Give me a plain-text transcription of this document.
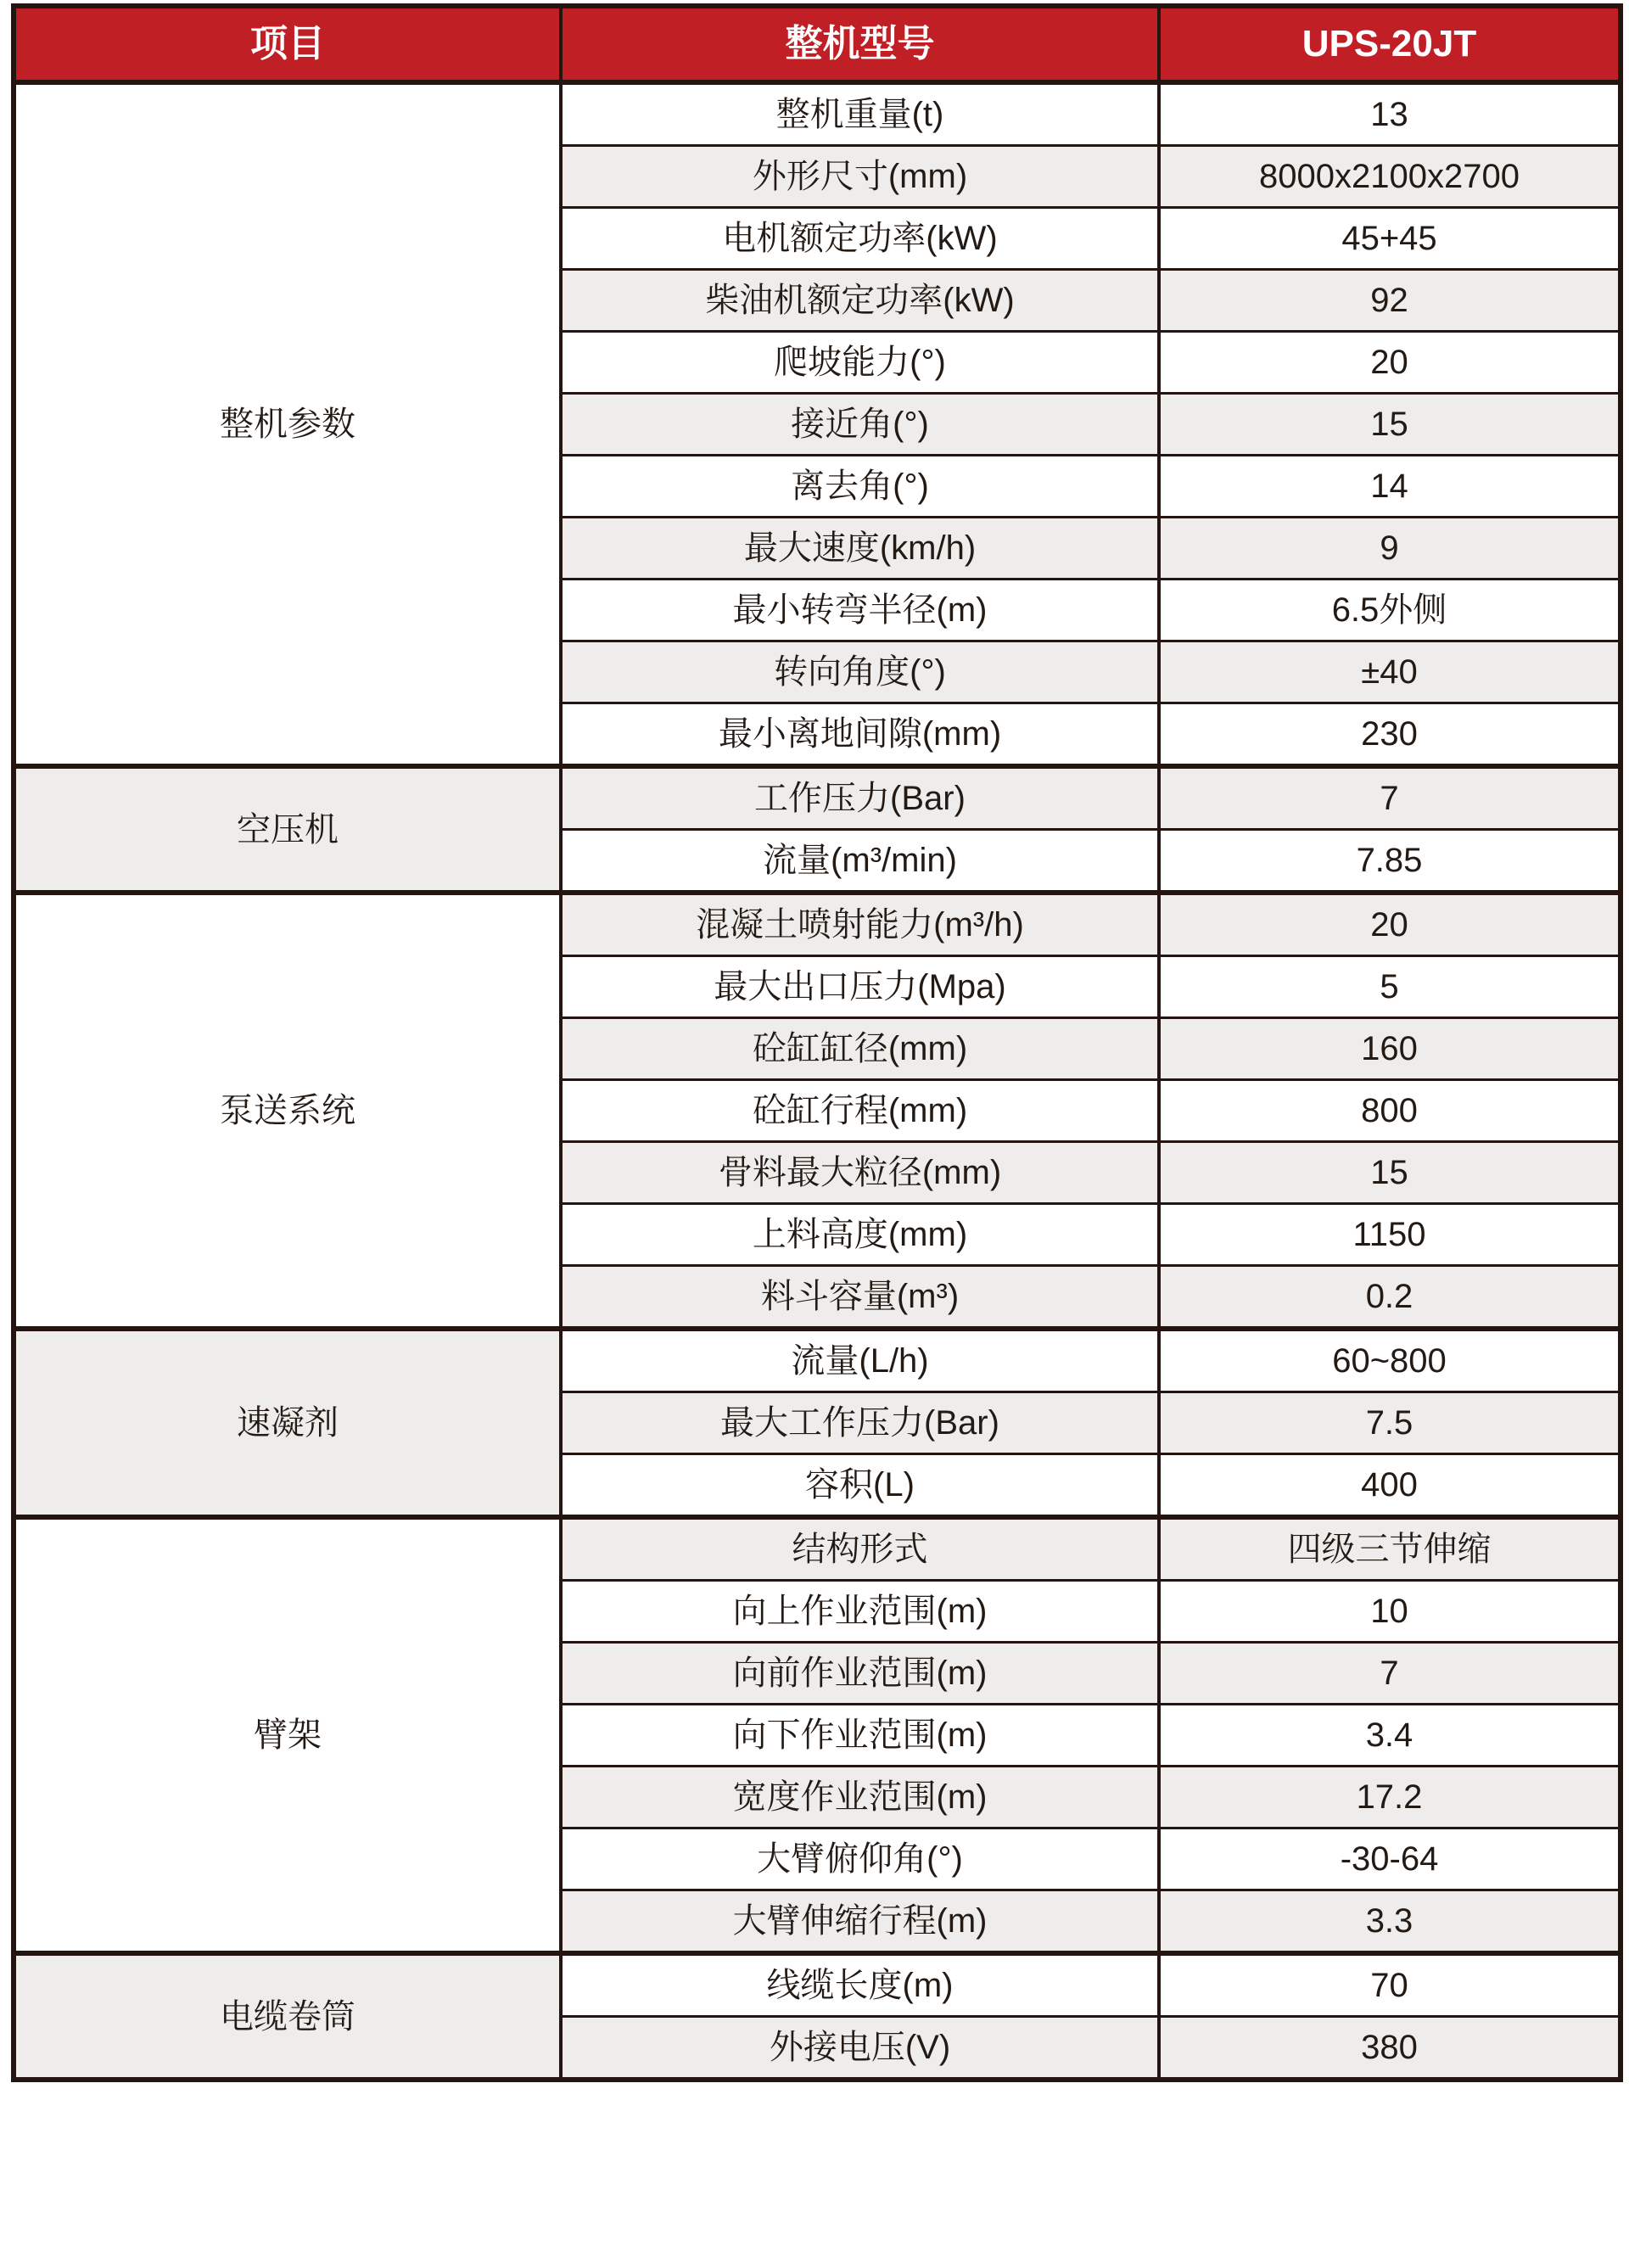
项目	整机型号	UPS-20JT
整机参数	整机重量(t)	13
	外形尺寸(mm)	8000x2100x2700
	电机额定功率(kW)	45+45
	柴油机额定功率(kW)	92
	爬坡能力(°)	20
	接近角(°)	15
	离去角(°)	14
	最大速度(km/h)	9
	最小转弯半径(m)	6.5外侧
	转向角度(°)	±40
	最小离地间隙(mm)	230
空压机	工作压力(Bar)	7
	流量(m³/min)	7.85
泵送系统	混凝土喷射能力(m³/h)	20
	最大出口压力(Mpa)	5
	砼缸缸径(mm)	160
	砼缸行程(mm)	800
	骨料最大粒径(mm)	15
	上料高度(mm)	1150
	料斗容量(m³)	0.2
速凝剂	流量(L/h)	60~800
	最大工作压力(Bar)	7.5
	容积(L)	400
臂架	结构形式	四级三节伸缩
	向上作业范围(m)	10
	向前作业范围(m)	7
	向下作业范围(m)	3.4
	宽度作业范围(m)	17.2
	大臂俯仰角(°)	-30-64
	大臂伸缩行程(m)	3.3
电缆卷筒	线缆长度(m)	70
	外接电压(V)	380
